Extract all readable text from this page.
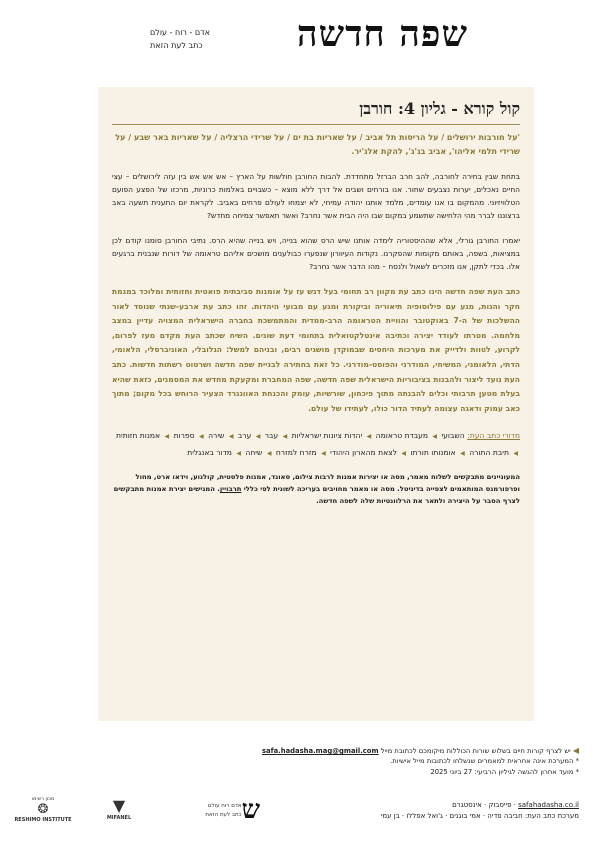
שפה חדשה
אדם - רוח - עולם
כתב לעת הזאת
קול קורא - גליון 4: חורבן
'על חורבות ירושלים / על הריסות תל אביב / על שאריות בת ים / על שרידי הרצליה / על שאריות באר שבע / על שרידי תלמי אליהו', אביב בג'ג', להקת אלג'יר.

בתחת שבין בחירה לחורבה, להב חרב הברזל מתחדדת. להבות החורבן חולשות על הארץ – אש אש אש בין עזה לירושלים – עצי החיים נאכלים, יערות נצבעים שחור. אנו בורחים ושבים אל דרך ללא מוצא – כשבויים באלמות כרוניות, מרכזו של הפצע הפועם הטלוויזיוני. מהמקום בו אנו עומדים, מלמד אותנו יהודה עמיחי, לא יצמחו לעולם פרחים באביב. לקראת יום התענית תשעה באב ברצוננו לברר מהי הלחישה שתשמע במקום שבו היה הבית אשר נחרב? ואשר תאפשר צמיחה מחדש?

יאמרו החורבן גורלי, אלא שההיסטוריה לימדה אותנו שיש הרס שהוא בנייה, ויש בנייה שהיא הרס. נתיבי החורבן סומנו קודם לכן במציאות, בשפה, באותם מקומות שהפקרנו. נקודות העיוורון שנפערו כבולענים מושכים אליהם טראומה של דורות שנבנית ברגעים אלו. בכדי לתקן, אנו מזכרים לשאול ולנסח – מהו הדבר אשר נחרב?

כתב העת שפה חדשה הינו כתב עת מקוון רב תחומי בעל דגש עז על אומנות סביבתית פואטית וחזותית ומלוכד במגמת חקר והגות, מגע עם פילוסופיה תיאוריה וביקורת ומגע עם מבועי היהדות. זהו כתב עת ארבע-שנתי שנוסד לאור ההשלכות של ה-7 באוקטובר והוויית הטראומה הרב-ממדית והמתמשכת בחברה הישראלית המצויה עדיין במצב מלחמה. מטרתו לעודד יצירה וכתיבה אינטלקטואלית בתחומי דעת שונים. השיח שכתב העת מקדם מעז לפרום, לקרוע, לטוות ולדייק את מערכות היחסים שבמוקדן מושגים רבים, ובניהם למשל: הגלובלי, האוניברסלי, הלאומי, הדתי, הלאומני, המשיחי, המודרני והפוסט-מודרני. כל זאת בחתירה לבניית שפה חדשה ושרטוט רשתות חדשות. כתב העת נועד ליצור ולהבנות בציבוריות הישראלית שפה חדשה, שפה המחברת ומקעקת מחדש את המסמנים, כזאת שהיא בעלת מטען תרבותי וכלים להבנתה מתוך פיכחון, שורשיות, עומק והכנחת האוונגרד הצעיר הרוחש בכל מקום; מתוך כאב עמוק ודאגה עצומה לעתיד הדור כולו, לעתידו של עולם.

מדורי כתב העת: השבועי ◀ מעבדת טראומה ◀ יהדות ציונות ישראליות ◀ עבר ◀ ערב ◀ שירה ◀ ספרות ◀ אמנות חזותית ◀ תיבת התורה ◀ אומנותו תורתו ◀ לצאת מהארון היהודי ◀ מזרח למזרח ◀ שיחה ◀ מדור באנגלית
המעוניינים מתבקשים לשלוח מאמר, מסה או יצירות אמנות לרבות צילום, סאונד, אמנות פלסטית, קולנוע, וידאו ארט, מחול ופרפורמנס המותאמים לצפייה בדיגיטל. מסה או מאמר מחויבים בעריכה לשונית לפי כללי תרבויין. המגישים יצירת אמנות מתבקשים לצרף הסבר על היצירה ולתאר את הרלוונטיות שלה לשפה חדשה.
◀ יש לצרף קורות חיים בשלוש שורות הכוללות מיקומכם לכתובת מייל safa.hadasha.mag@gmail.com
* המערכת אינה אחראית למאמרים שנשלחו לכתובות מייל אישיות.
* מועד אחרון להגשה לגיליון הרביעי: 27 ביוני 2025
safahadasha.co.il · פייסבוק · אינסטגרם
מערכת כתב העת: חביבה פדיה · אמי בוגנים · ג'ואל אפללו · בן עמי
מכון רשימו
❂
RESHIMO INSTITUTE
▼
MIFANEL	ש
אדם רוח עולם
כתב לעת הזאת
